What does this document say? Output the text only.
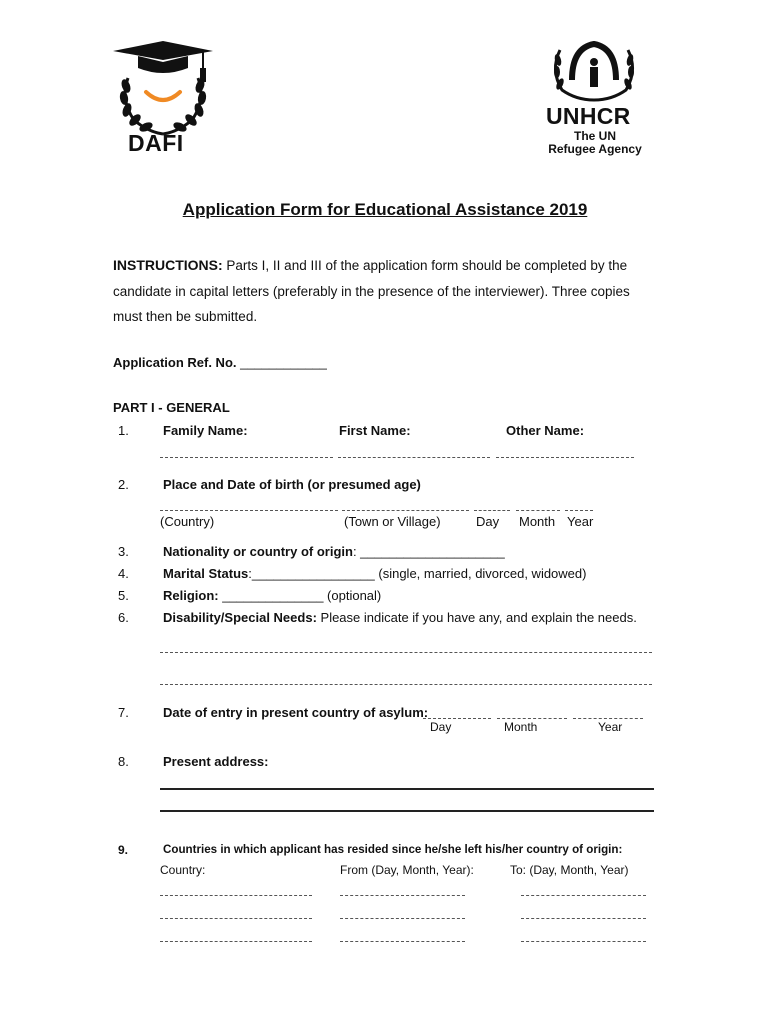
DAFI
UNHCR
The UN
Refugee Agency
Application Form for Educational Assistance 2019
INSTRUCTIONS: Parts I, II and III of the application form should be completed by the candidate in capital letters (preferably in the presence of the interviewer). Three copies must then be submitted.
Application Ref. No. ____________
PART I - GENERAL
1.	Family Name:	First Name:	Other Name:
2.	Place and Date of birth (or presumed age)
(Country)	(Town or Village)	Day Month Year
3.	Nationality or country of origin: ____________________
4.	Marital Status:_________________ (single, married, divorced, widowed)
5.	Religion: ______________ (optional)
6.	Disability/Special Needs: Please indicate if you have any, and explain the needs.
7.	Date of entry in present country of asylum:
Day	Month	Year
8.	Present address:
9.	Countries in which applicant has resided since he/she left his/her country of origin:
Country:	From (Day, Month, Year):	To: (Day, Month, Year)
